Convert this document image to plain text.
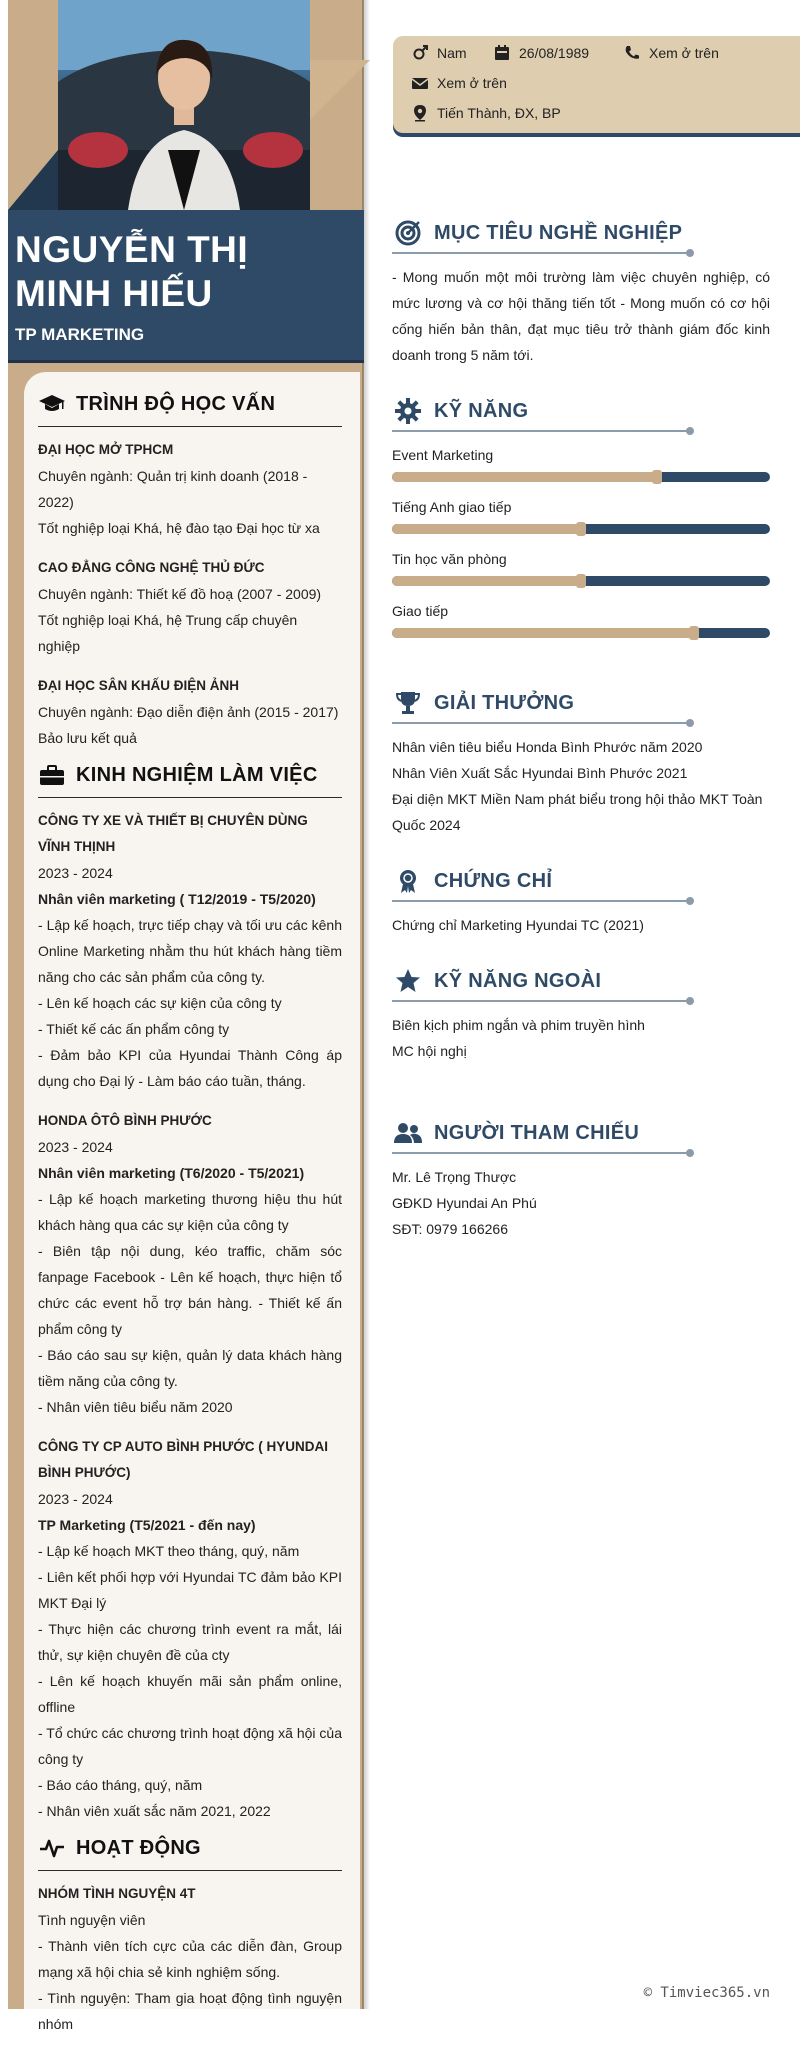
NGUYỄN THỊ MINH HIẾU
TP MARKETING
TRÌNH ĐỘ HỌC VẤN
ĐẠI HỌC MỞ TPHCM
Chuyên ngành: Quản trị kinh doanh (2018 - 2022)
Tốt nghiệp loại Khá, hệ đào tạo Đại học từ xa
CAO ĐẲNG CÔNG NGHỆ THỦ ĐỨC
Chuyên ngành: Thiết kế đồ hoạ (2007 - 2009)
Tốt nghiệp loại Khá, hệ Trung cấp chuyên nghiệp
ĐẠI HỌC SÂN KHẤU ĐIỆN ẢNH
Chuyên ngành: Đạo diễn điện ảnh (2015 - 2017)
Bảo lưu kết quả
KINH NGHIỆM LÀM VIỆC
CÔNG TY XE VÀ THIẾT BỊ CHUYÊN DÙNG VĨNH THỊNH
2023 - 2024
Nhân viên marketing ( T12/2019 - T5/2020)
- Lập kế hoạch, trực tiếp chạy và tối ưu các kênh Online Marketing nhằm thu hút khách hàng tiềm năng cho các sản phẩm của công ty.
- Lên kế hoạch các sự kiện của công ty
- Thiết kế các ấn phẩm công ty
- Đảm bảo KPI của Hyundai Thành Công áp dụng cho Đại lý - Làm báo cáo tuần, tháng.
HONDA ÔTÔ BÌNH PHƯỚC
2023 - 2024
Nhân viên marketing (T6/2020 - T5/2021)
- Lập kế hoạch marketing thương hiệu thu hút khách hàng qua các sự kiện của công ty
- Biên tập nội dung, kéo traffic, chăm sóc fanpage Facebook - Lên kế hoạch, thực hiện tổ chức các event hỗ trợ bán hàng. - Thiết kế ấn phẩm công ty
- Báo cáo sau sự kiện, quản lý data khách hàng tiềm năng của công ty.
- Nhân viên tiêu biểu năm 2020
CÔNG TY CP AUTO BÌNH PHƯỚC ( HYUNDAI BÌNH PHƯỚC)
2023 - 2024
TP Marketing (T5/2021 - đến nay)
- Lập kế hoạch MKT theo tháng, quý, năm
- Liên kết phối hợp với Hyundai TC đảm bảo KPI MKT Đại lý
- Thực hiện các chương trình event ra mắt, lái thử, sự kiện chuyên đề của cty
- Lên kế hoạch khuyến mãi sản phẩm online, offline
- Tổ chức các chương trình hoạt động xã hội của công ty
- Báo cáo tháng, quý, năm
- Nhân viên xuất sắc năm 2021, 2022
HOẠT ĐỘNG
NHÓM TÌNH NGUYỆN 4T
Tình nguyện viên
- Thành viên tích cực của các diễn đàn, Group mạng xã hội chia sẻ kinh nghiệm sống.
- Tình nguyện: Tham gia hoạt động tình nguyện nhóm
Nam	26/08/1989	Xem ở trên
Xem ở trên
Tiến Thành, ĐX, BP
MỤC TIÊU NGHỀ NGHIỆP
- Mong muốn một môi trường làm việc chuyên nghiệp, có mức lương và cơ hội thăng tiến tốt - Mong muốn có cơ hội cống hiến bản thân, đạt mục tiêu trở thành giám đốc kinh doanh trong 5 năm tới.
KỸ NĂNG
Event Marketing
Tiếng Anh giao tiếp
Tin học văn phòng
Giao tiếp
GIẢI THƯỞNG
Nhân viên tiêu biểu Honda Bình Phước năm 2020
Nhân Viên Xuất Sắc Hyundai Bình Phước 2021
Đại diện MKT Miền Nam phát biểu trong hội thảo MKT Toàn Quốc 2024
CHỨNG CHỈ
Chứng chỉ Marketing Hyundai TC (2021)
KỸ NĂNG NGOÀI
Biên kịch phim ngắn và phim truyền hình
MC hội nghị
NGƯỜI THAM CHIẾU
Mr. Lê Trọng Thược
GĐKD Hyundai An Phú
SĐT: 0979 166266
© Timviec365.vn
